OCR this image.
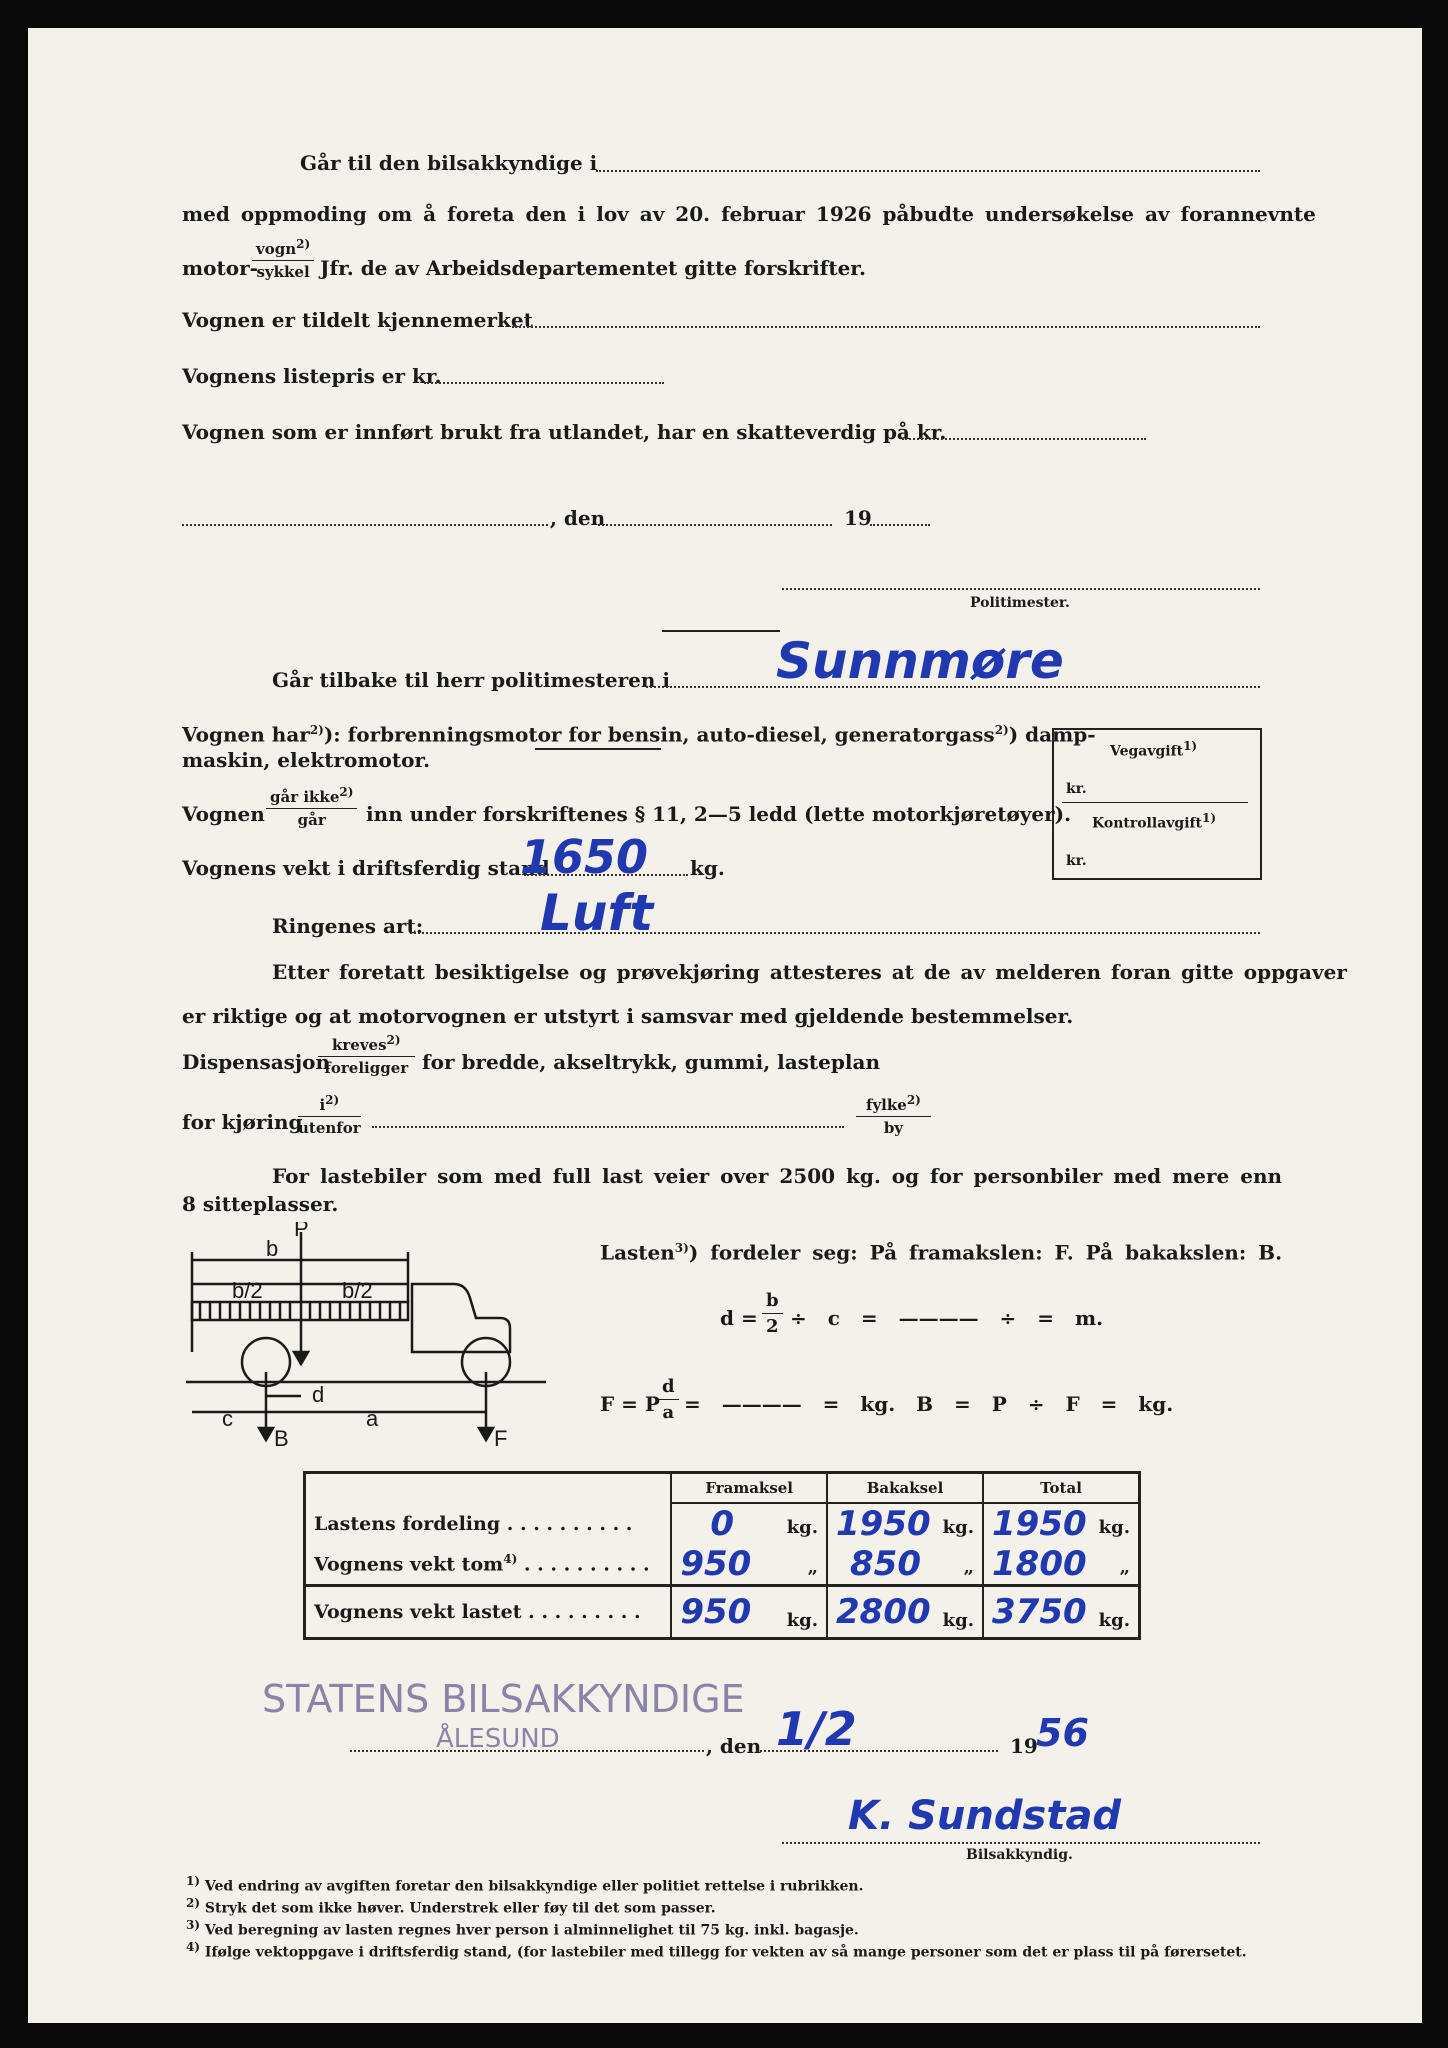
Går til den bilsakkyndige i
med oppmoding om å foreta den i lov av 20. februar 1926 påbudte undersøkelse av forannevnte
motor-
vogn$^{2)}$
sykkel Jfr. de av Arbeidsdepartementet gitte forskrifter.
Vognen er tildelt kjennemerket
Vognens listepris er kr.
Vognen som er innført brukt fra utlandet, har en skatteverdig på kr.
, den	19
Politimester.
Går tilbake til herr politimesteren i Sunnmøre
Vognen har$^{2)}$): forbrenningsmotor for bensin, auto-diesel, generatorgass$^{2)}$) damp-
maskin, elektromotor.	Vegavgift$^{1)}$
kr.
Kontrollavgift$^{1)}$
kr.
Vognen
går ikke$^{2)}$
går	inn under forskriftenes § 11, 2—5 ledd (lette motorkjøretøyer).
Vognens vekt i driftsferdig stand	kg.
1650
Ringenes art: Luft
Etter foretatt besiktigelse og prøvekjøring attesteres at de av melderen foran gitte oppgaver
er riktige og at motorvognen er utstyrt i samsvar med gjeldende bestemmelser.
Dispensasjon
kreves$^{2)}$
foreligger for bredde, akseltrykk, gummi, lasteplan
for kjøring
$i^{2)}$
utenfor
fylke$^{2)}$
by
For lastebiler som med full last veier over 2500 kg. og for personbiler med mere enn
8 sitteplasser.
P
b
b/2	b/2
c
d
a
B	F
Lasten$^{3)}$) fordeler seg: På framakslen: F. På bakakslen: B.
$d = \frac{b}{2} \div c$ = ———— ÷ = m.
F = P
$\frac{d}{a}$ = ———— = kg. B = P ÷ F = kg.
	Framaksel	Bakaksel	Total
Lastens fordeling . . . . . . . . . .	0 kg.	1950 kg.	1950 kg.

Vognens vekt tom$^{4)}$ . . . . . . . . . .	950 „	850 „	1800 „

Vognens vekt lastet . . . . . . . . .	950 kg.	2800 kg.	3750 kg.
STATENS BILSAKKYNDIGE
ÅLESUND	, den 1/2	19
56
K. Sundstad
Bilsakkyndig.
$^{1)}$ Ved endring av avgiften foretar den bilsakkyndige eller politiet rettelse i rubrikken.
$^{2)}$ Stryk det som ikke høver. Understrek eller føy til det som passer.
$^{3)}$ Ved beregning av lasten regnes hver person i alminnelighet til 75 kg. inkl. bagasje.
$^{4)}$ Ifølge vektoppgave i driftsferdig stand, (for lastebiler med tillegg for vekten av så mange personer som det er plass til på førersetet.
